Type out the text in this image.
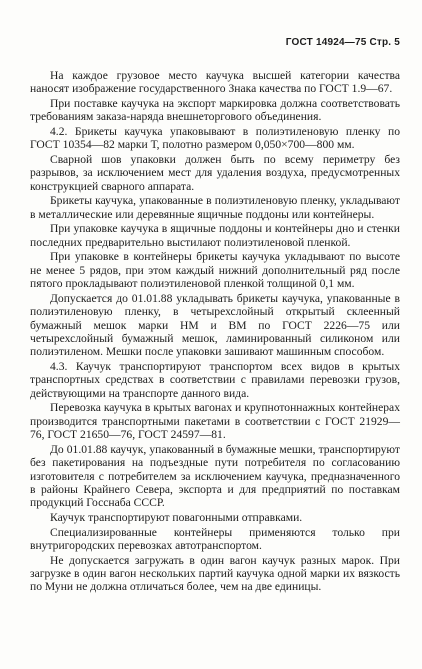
ГОСТ 14924—75 Стр. 5

На каждое грузовое место каучука высшей категории качества наносят изображение государственного Знака качества по ГОСТ 1.9—67.

При поставке каучука на экспорт маркировка должна соответствовать требованиям заказа-наряда внешнеторгового объединения.

4.2. Брикеты каучука упаковывают в полиэтиленовую пленку по ГОСТ 10354—82 марки Т, полотно размером 0,050×700—800 мм.

Сварной шов упаковки должен быть по всему периметру без разрывов, за исключением мест для удаления воздуха, предусмотренных конструкцией сварного аппарата.

Брикеты каучука, упакованные в полиэтиленовую пленку, укладывают в металлические или деревянные ящичные поддоны или контейнеры.

При упаковке каучука в ящичные поддоны и контейнеры дно и стенки последних предварительно выстилают полиэтиленовой пленкой.

При упаковке в контейнеры брикеты каучука укладывают по высоте не менее 5 рядов, при этом каждый нижний дополнительный ряд после пятого прокладывают полиэтиленовой пленкой толщиной 0,1 мм.

Допускается до 01.01.88 укладывать брикеты каучука, упакованные в полиэтиленовую пленку, в четырехслойный открытый склеенный бумажный мешок марки НМ и ВМ по ГОСТ 2226—75 или четырехслойный бумажный мешок, ламинированный силиконом или полиэтиленом. Мешки после упаковки зашивают машинным способом.

4.3. Каучук транспортируют транспортом всех видов в крытых транспортных средствах в соответствии с правилами перевозки грузов, действующими на транспорте данного вида.

Перевозка каучука в крытых вагонах и крупнотоннажных контейнерах производится транспортными пакетами в соответствии с ГОСТ 21929—76, ГОСТ 21650—76, ГОСТ 24597—81.

До 01.01.88 каучук, упакованный в бумажные мешки, транспортируют без пакетирования на подъездные пути потребителя по согласованию изготовителя с потребителем за исключением каучука, предназначенного в районы Крайнего Севера, экспорта и для предприятий по поставкам продукций Госснаба СССР.

Каучук транспортируют повагонными отправками.

Специализированные контейнеры применяются только при внутригородских перевозках автотранспортом.

Не допускается загружать в один вагон каучук разных марок. При загрузке в один вагон нескольких партий каучука одной марки их вязкость по Муни не должна отличаться более, чем на две единицы.
